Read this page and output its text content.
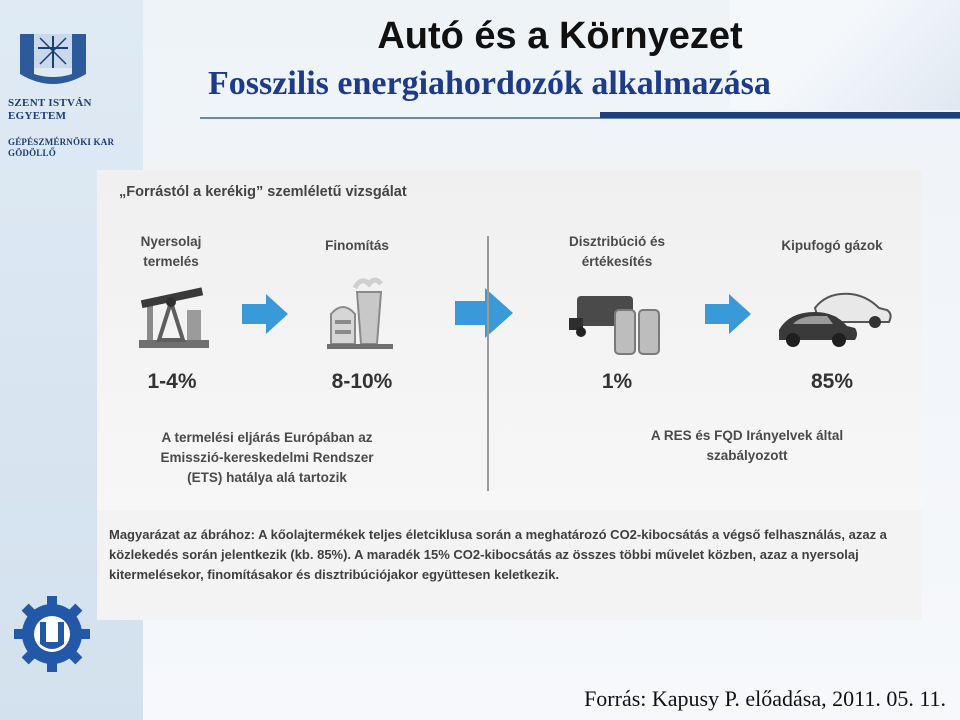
SZENT ISTVÁN
EGYETEM
GÉPÉSZMÉRNÖKI KAR
GÖDÖLLŐ
Autó és a Környezet
Fosszilis energiahordozók alkalmazása
„Forrástól a kerékig” szemléletű vizsgálat
Nyersolaj
termelés
1-4%
Finomítás
8-10%
Disztribúció és
értékesítés
1%
Kipufogó gázok
85%
A termelési eljárás Európában az
Emisszió-kereskedelmi Rendszer
(ETS) hatálya alá tartozik
A RES és FQD Irányelvek által
szabályozott
Magyarázat az ábrához: A kőolajtermékek teljes életciklusa során a meghatározó CO2-kibocsátás a végső felhasználás, azaz a közlekedés során jelentkezik (kb. 85%). A maradék 15% CO2-kibocsátás az összes többi művelet közben, azaz a nyersolaj kitermelésekor, finomításakor és disztribúciójakor együttesen keletkezik.
Forrás: Kapusy P. előadása, 2011. 05. 11.
